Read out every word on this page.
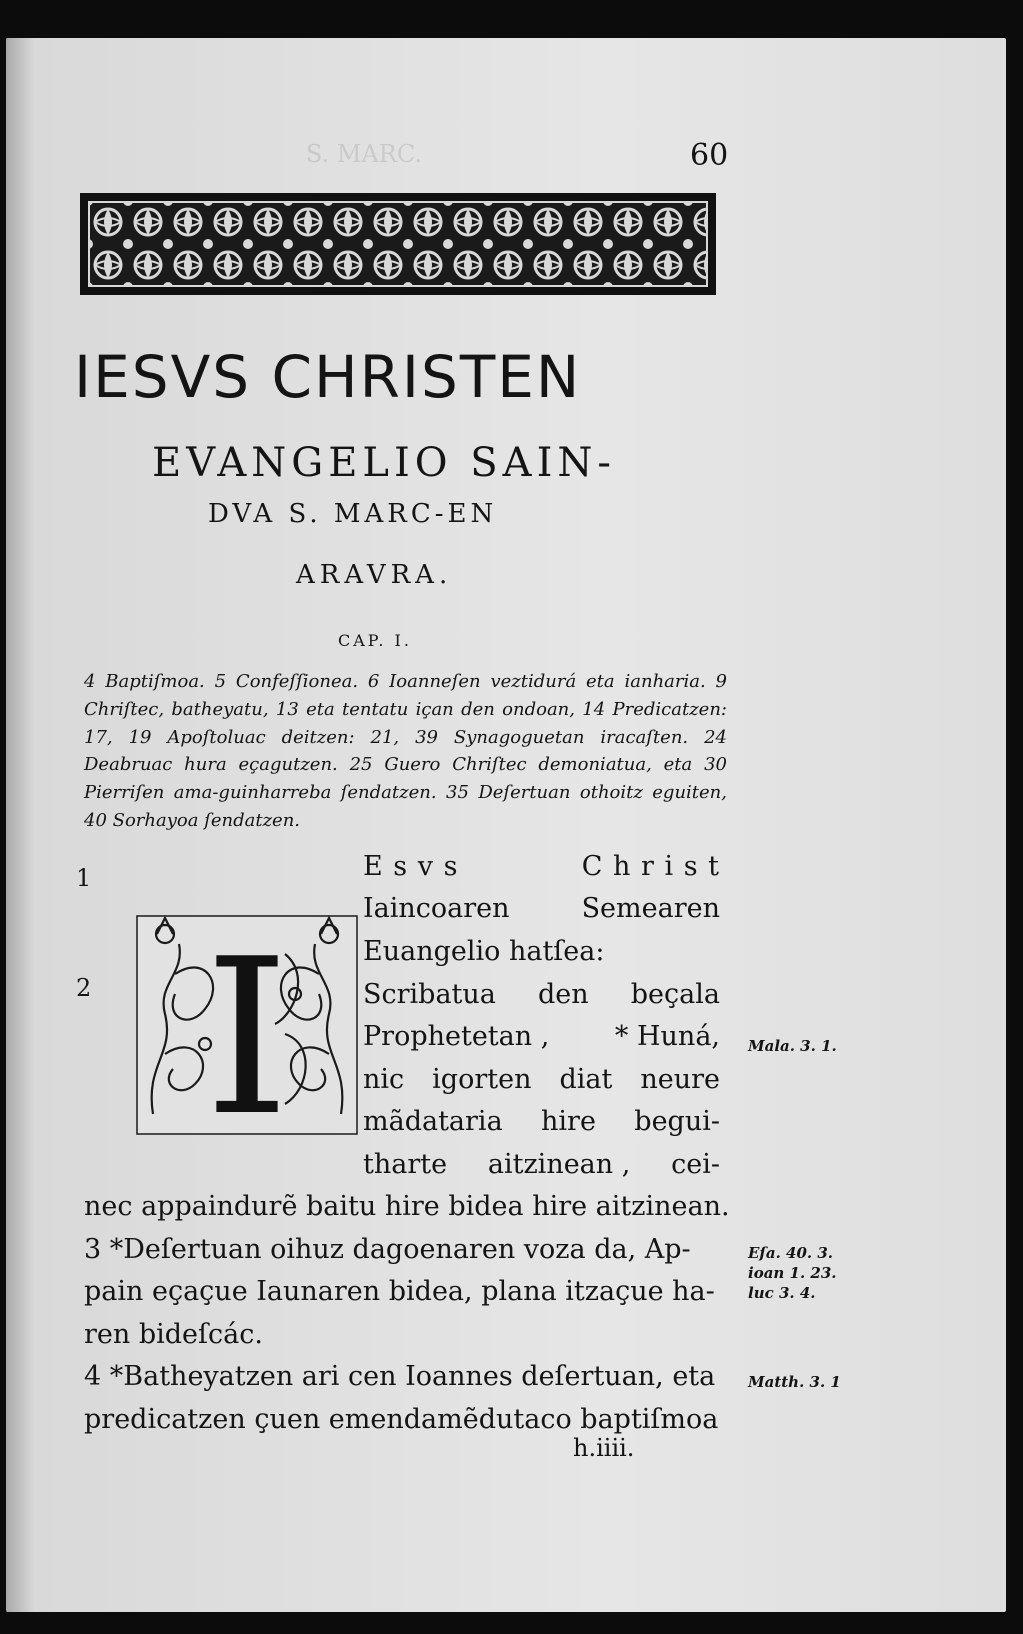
S. MARC.	60
IESVS CHRISTEN
EVANGELIO SAIN-
DVA S. MARC-EN
ARAVRA.
CAP. I.
4 Baptiſmoa. 5 Confeſſionea. 6 Ioanneſen veztidurá eta ianharia. 9 Chriſtec, batheyatu, 13 eta tentatu içan den ondoan, 14 Predicatzen: 17, 19 Apoſtoluac deitzen: 21, 39 Synagoguetan iracaſten. 24 Deabruac hura eçagutzen. 25 Guero Chriſtec demoniatua, eta 30 Pierriſen ama-guinharreba ſendatzen. 35 Deſertuan othoitz eguiten, 40 Sorhayoa ſendatzen.
1
2 I
E s v s	C h r i s t
Iaincoaren	Semearen
Euangelio hatſea:
Scribatua den beçala
Prophetetan , * Huná,
nic igorten diat neure
mãdataria hire begui-
tharte aitzinean , cei-
nec appaindurẽ baitu hire bidea hire aitzinean.
3 *Deſertuan oihuz dagoenaren voza da, Ap-
pain eçaçue Iaunaren bidea, plana itzaçue ha-
ren bideſcác.
4 *Batheyatzen ari cen Ioannes deſertuan, eta
predicatzen çuen emendamẽdutaco baptiſmoa
h.iiii.
Mala. 3. 1.
Eſa. 40. 3.
ioan 1. 23.
luc 3. 4.
Matth. 3. 1
